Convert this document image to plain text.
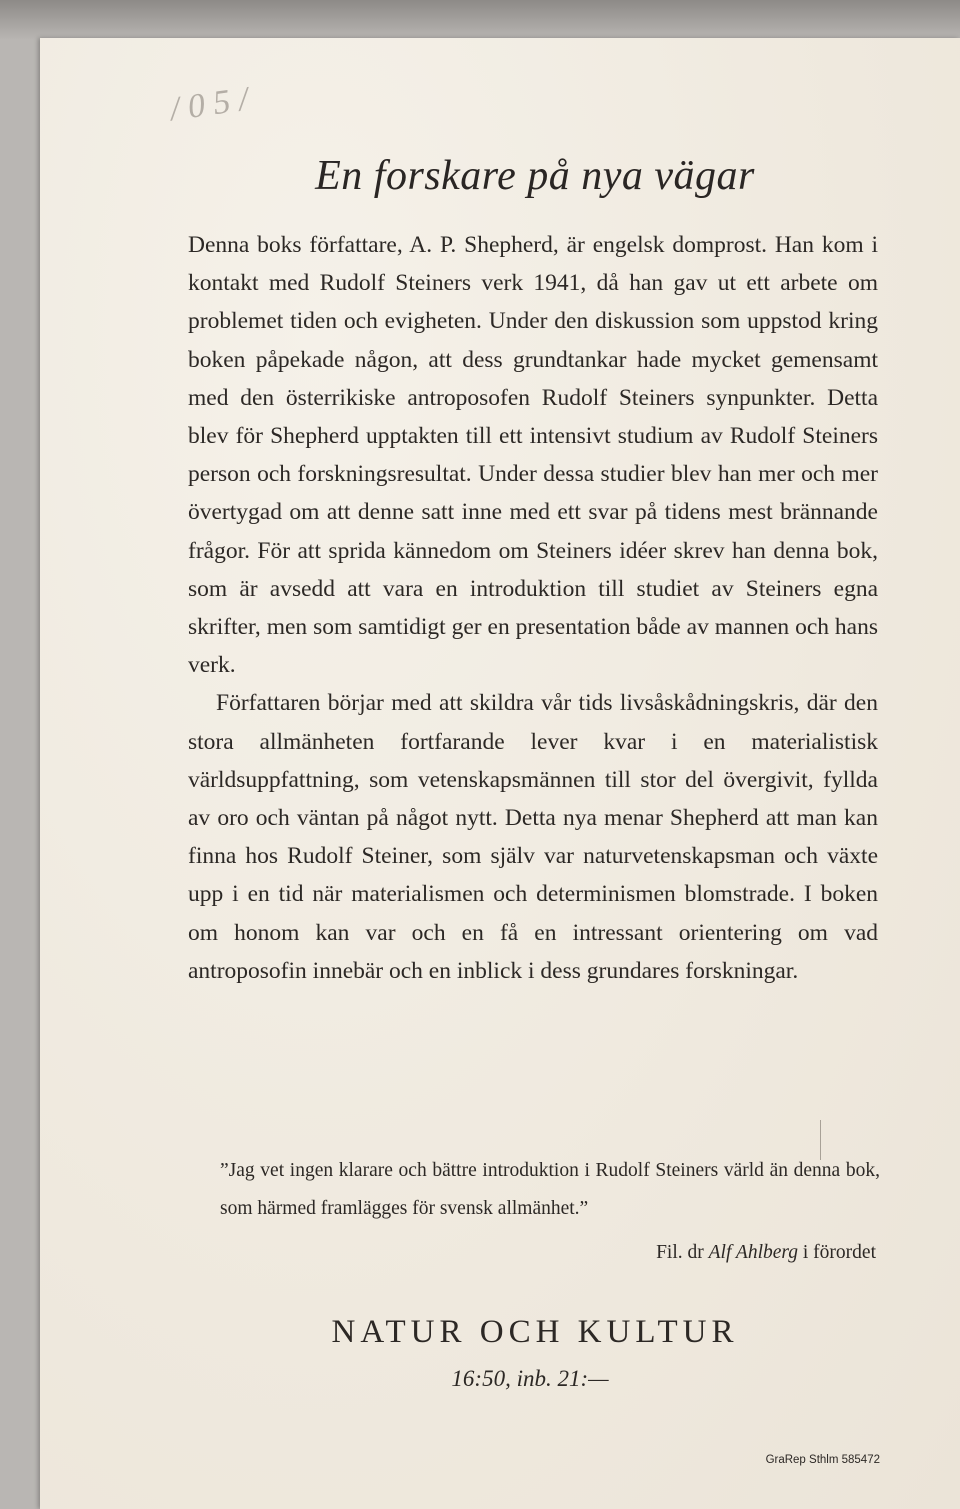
/ 0 5 /
En forskare på nya vägar

Denna boks författare, A. P. Shepherd, är engelsk domprost. Han kom i kontakt med Rudolf Steiners verk 1941, då han gav ut ett arbete om problemet tiden och evigheten. Under den diskussion som uppstod kring boken påpekade någon, att dess grundtankar hade mycket gemensamt med den österrikiske antroposofen Rudolf Steiners synpunkter. Detta blev för Shepherd upptakten till ett intensivt studium av Rudolf Steiners person och forskningsresultat. Under dessa studier blev han mer och mer övertygad om att denne satt inne med ett svar på tidens mest brännande frågor. För att sprida kännedom om Steiners idéer skrev han denna bok, som är avsedd att vara en introduktion till studiet av Steiners egna skrifter, men som samtidigt ger en presentation både av mannen och hans verk.

Författaren börjar med att skildra vår tids livsåskådningskris, där den stora allmänheten fortfarande lever kvar i en materialistisk världsuppfattning, som vetenskapsmännen till stor del övergivit, fyllda av oro och väntan på något nytt. Detta nya menar Shepherd att man kan finna hos Rudolf Steiner, som själv var naturvetenskapsman och växte upp i en tid när materialismen och determinismen blomstrade. I boken om honom kan var och en få en intressant orientering om vad antroposofin innebär och en inblick i dess grundares forskningar.

”Jag vet ingen klarare och bättre introduktion i Rudolf Steiners värld än denna bok, som härmed framlägges för svensk allmänhet.”

Fil. dr Alf Ahlberg i förordet
NATUR OCH KULTUR
16:50, inb. 21:—
GraRep Sthlm 585472
